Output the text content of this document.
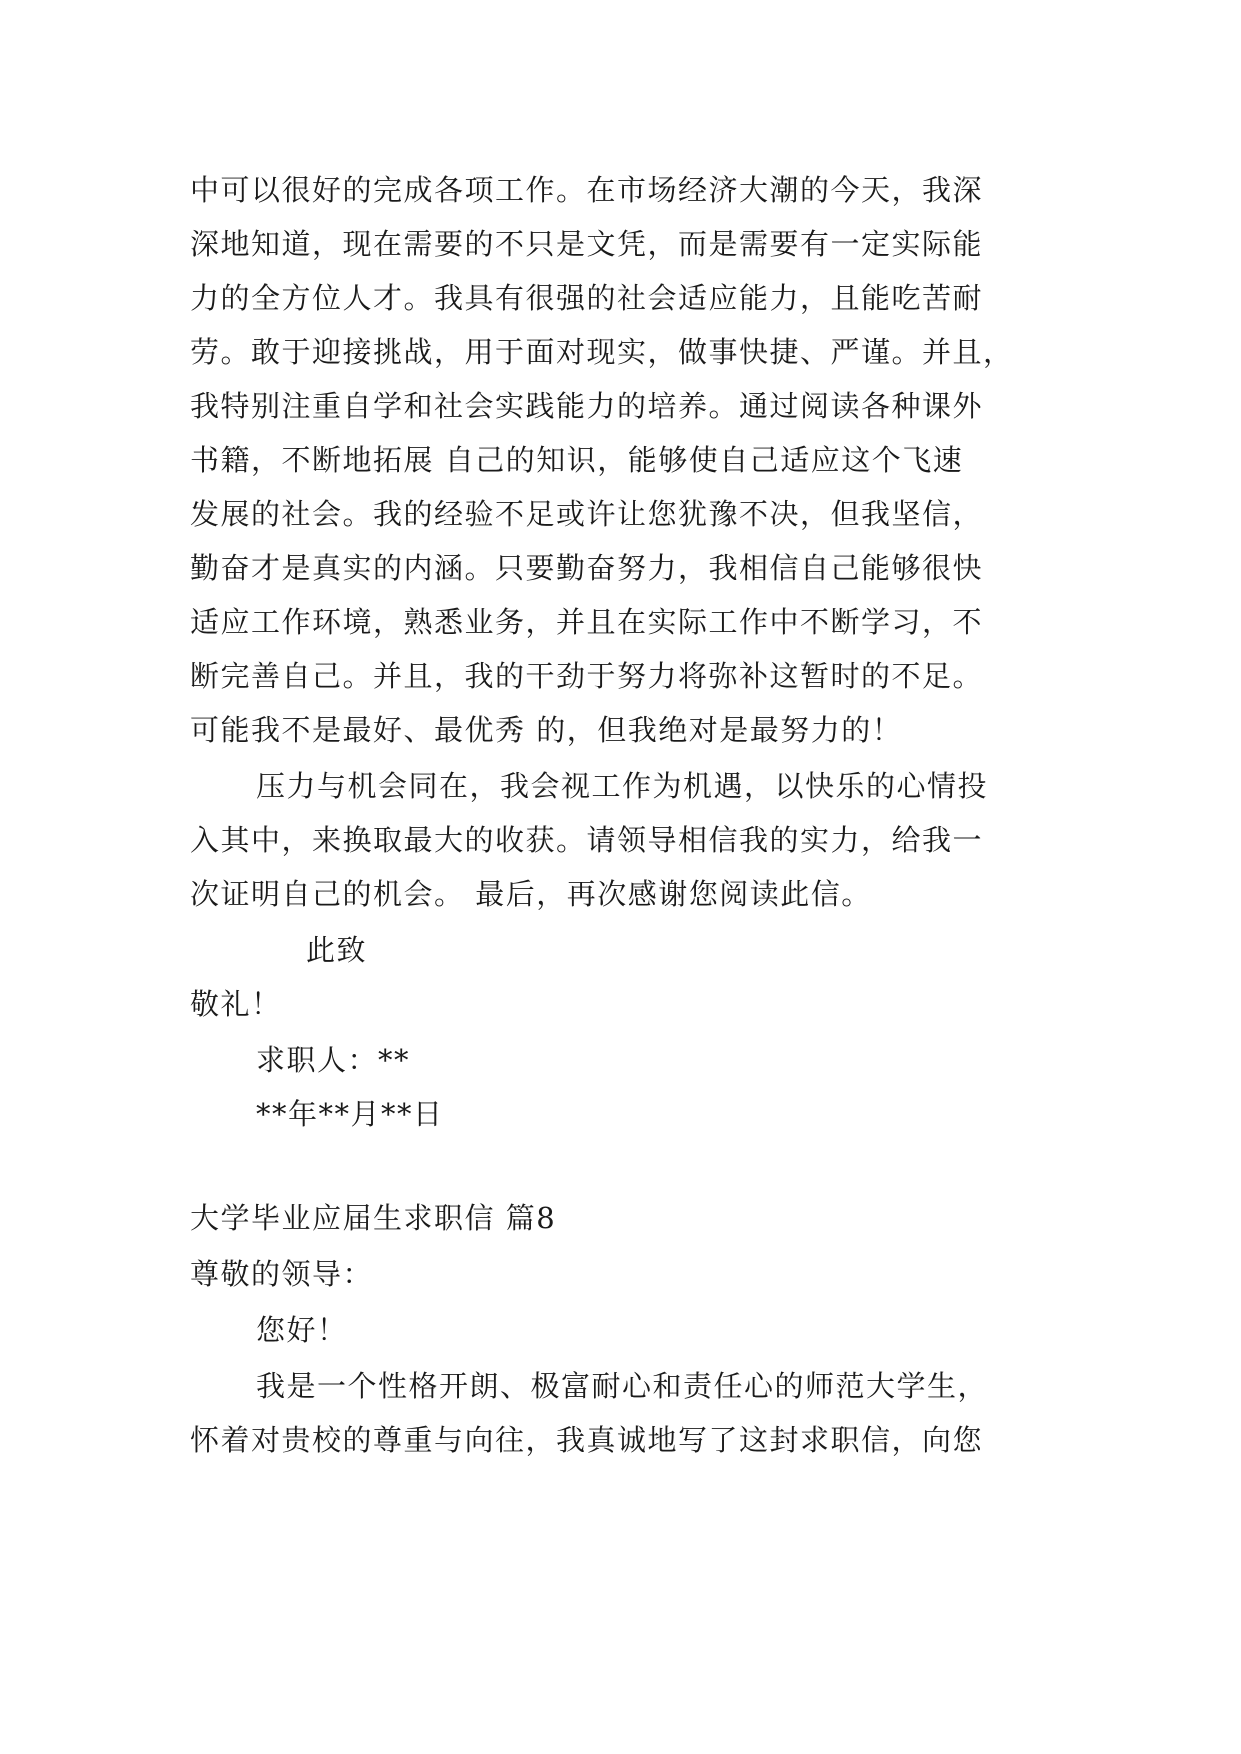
中可以很好的完成各项工作。在市场经济大潮的今天，我深
深地知道，现在需要的不只是文凭，而是需要有一定实际能
力的全方位人才。我具有很强的社会适应能力，且能吃苦耐
劳。敢于迎接挑战，用于面对现实，做事快捷、严谨。并且，
我特别注重自学和社会实践能力的培养。通过阅读各种课外
书籍，不断地拓展 自己的知识，能够使自己适应这个飞速
发展的社会。我的经验不足或许让您犹豫不决，但我坚信，
勤奋才是真实的内涵。只要勤奋努力，我相信自己能够很快
适应工作环境，熟悉业务，并且在实际工作中不断学习，不
断完善自己。并且，我的干劲于努力将弥补这暂时的不足。
可能我不是最好、最优秀 的，但我绝对是最努力的！
压力与机会同在，我会视工作为机遇，以快乐的心情投
入其中，来换取最大的收获。请领导相信我的实力，给我一
次证明自己的机会。 最后，再次感谢您阅读此信。
此致
敬礼！
求职人：**
**年**月**日
大学毕业应届生求职信 篇8
尊敬的领导：
您好！
我是一个性格开朗、极富耐心和责任心的师范大学生，
怀着对贵校的尊重与向往，我真诚地写了这封求职信，向您
